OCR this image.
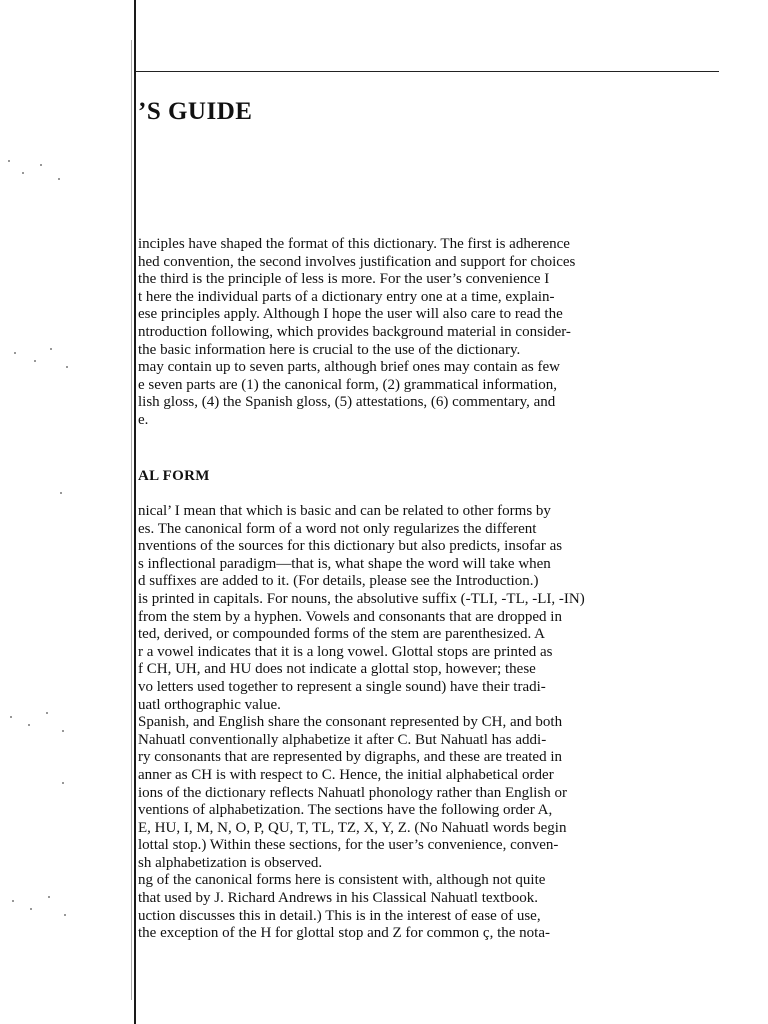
’S GUIDE
inciples have shaped the format of this dictionary. The first is adherence
hed convention, the second involves justification and support for choices
the third is the principle of less is more. For the user’s convenience I
t here the individual parts of a dictionary entry one at a time, explain-
ese principles apply. Although I hope the user will also care to read the
ntroduction following, which provides background material in consider-
the basic information here is crucial to the use of the dictionary.
may contain up to seven parts, although brief ones may contain as few
e seven parts are (1) the canonical form, (2) grammatical information,
lish gloss, (4) the Spanish gloss, (5) attestations, (6) commentary, and
e.
AL FORM
nical’ I mean that which is basic and can be related to other forms by
es. The canonical form of a word not only regularizes the different
nventions of the sources for this dictionary but also predicts, insofar as
s inflectional paradigm—that is, what shape the word will take when
d suffixes are added to it. (For details, please see the Introduction.)
is printed in capitals. For nouns, the absolutive suffix (-TLI, -TL, -LI, -IN)
from the stem by a hyphen. Vowels and consonants that are dropped in
ted, derived, or compounded forms of the stem are parenthesized. A
r a vowel indicates that it is a long vowel. Glottal stops are printed as
f CH, UH, and HU does not indicate a glottal stop, however; these
vo letters used together to represent a single sound) have their tradi-
uatl orthographic value.
Spanish, and English share the consonant represented by CH, and both
Nahuatl conventionally alphabetize it after C. But Nahuatl has addi-
ry consonants that are represented by digraphs, and these are treated in
anner as CH is with respect to C. Hence, the initial alphabetical order
ions of the dictionary reflects Nahuatl phonology rather than English or
ventions of alphabetization. The sections have the following order A,
E, HU, I, M, N, O, P, QU, T, TL, TZ, X, Y, Z. (No Nahuatl words begin
lottal stop.) Within these sections, for the user’s convenience, conven-
sh alphabetization is observed.
ng of the canonical forms here is consistent with, although not quite
that used by J. Richard Andrews in his Classical Nahuatl textbook.
uction discusses this in detail.) This is in the interest of ease of use,
the exception of the H for glottal stop and Z for common ç, the nota-
